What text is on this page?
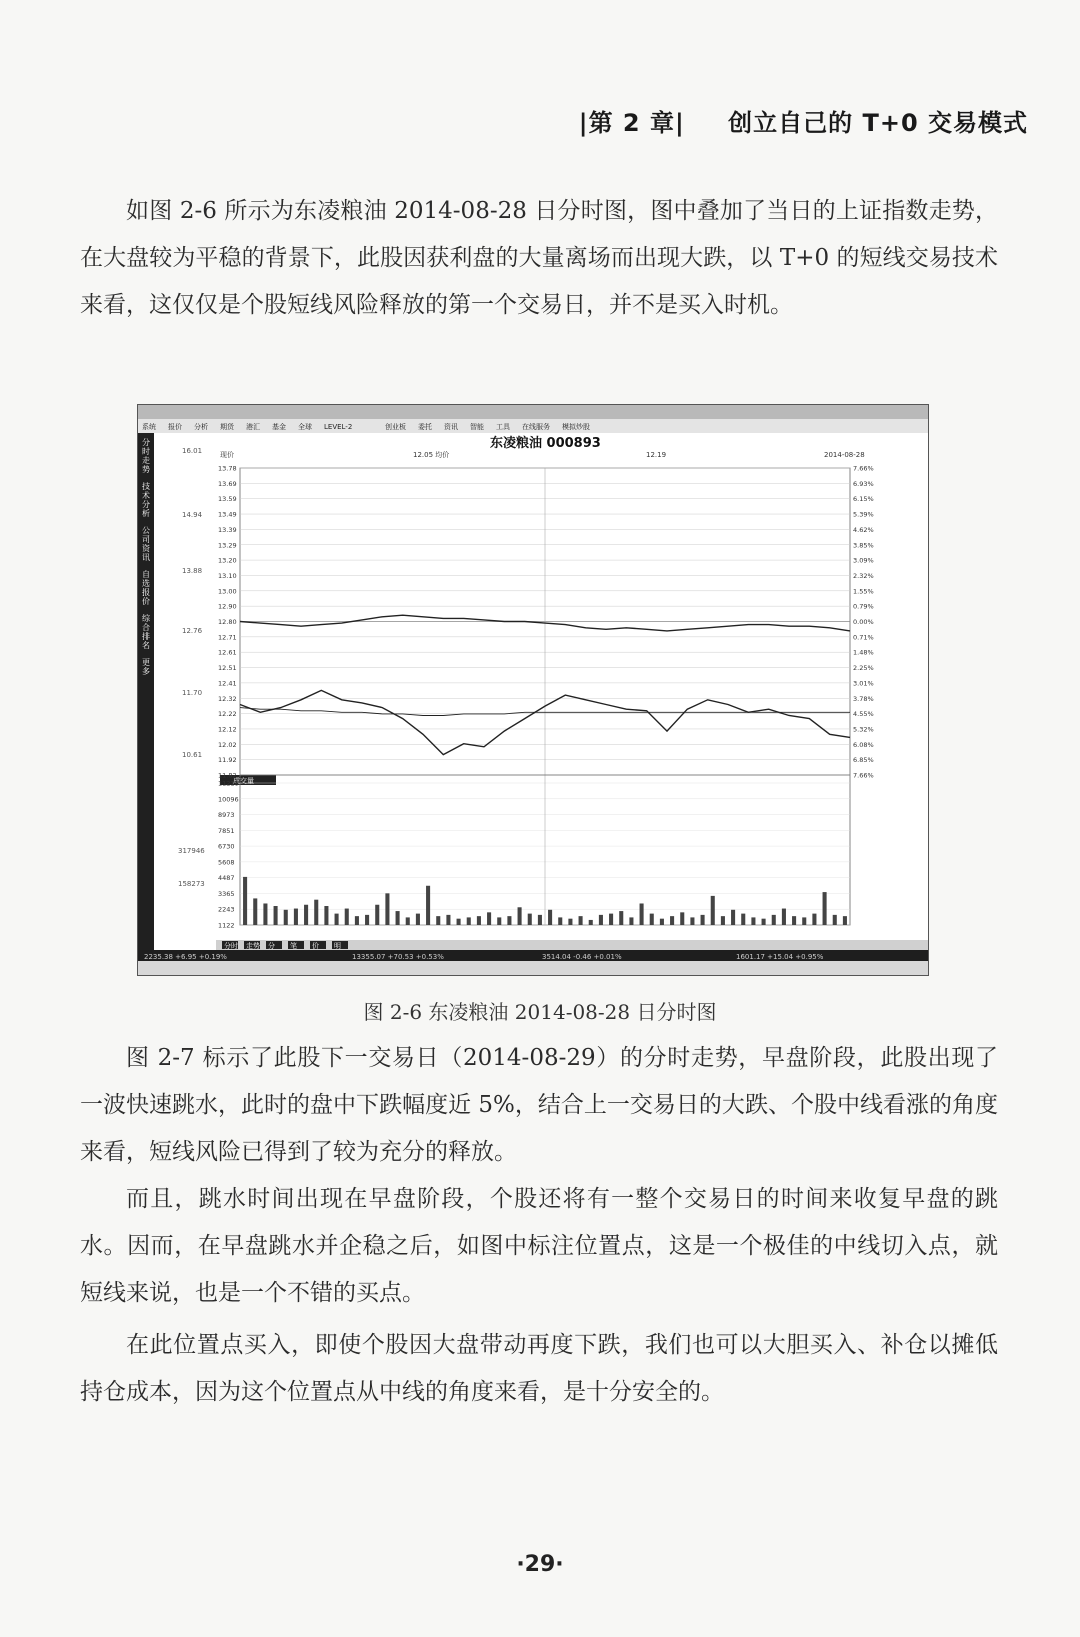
|第 2 章| 创立自己的 T+0 交易模式

如图 2-6 所示为东凌粮油 2014-08-28 日分时图，图中叠加了当日的上证指数走势，在大盘较为平稳的背景下，此股因获利盘的大量离场而出现大跌，以 T+0 的短线交易技术来看，这仅仅是个股短线风险释放的第一个交易日，并不是买入时机。

系统 报价 分析 期货 港汇 基金 全球 LEVEL-2	创业板 委托 资讯 智能 工具 在线服务 模拟炒股
分
时
走
势
技
术
分
析
公
司
资
讯
自
选
报
价
综
合
排
名
更
多
16.01
14.94
13.88
12.76
11.70
10.61
317946
158273
成交量
东凌粮油 000893
现价	12.05 均价	12.19	2014-08-28
13.78
13.69
13.59
13.49
13.39
13.29
13.20
13.10
13.00
12.90
12.80
12.71
12.61
12.51
12.41
12.32
12.22
12.12
12.02
11.92
11.82
7.66%
6.93%
6.15%
5.39%
4.62%
3.85%
3.09%
2.32%
1.55%
0.79%
0.00%
0.71%
1.48%
2.25%
3.01%
3.78%
4.55%
5.32%
6.08%
6.85%
7.66%
11218
10096
8973
7851
6730
5608
4487
3365
2243
1122
分时 走势 分 笔 价 明
2235.38 +6.95 +0.19%	13355.07 +70.53 +0.53%	3514.04 -0.46 +0.01%	1601.17 +15.04 +0.95%
图 2-6 东凌粮油 2014-08-28 日分时图

图 2-7 标示了此股下一交易日（2014-08-29）的分时走势，早盘阶段，此股出现了一波快速跳水，此时的盘中下跌幅度近 5%，结合上一交易日的大跌、个股中线看涨的角度来看，短线风险已得到了较为充分的释放。

而且，跳水时间出现在早盘阶段，个股还将有一整个交易日的时间来收复早盘的跳水。因而，在早盘跳水并企稳之后，如图中标注位置点，这是一个极佳的中线切入点，就短线来说，也是一个不错的买点。

在此位置点买入，即使个股因大盘带动再度下跌，我们也可以大胆买入、补仓以摊低持仓成本，因为这个位置点从中线的角度来看，是十分安全的。

·29·
